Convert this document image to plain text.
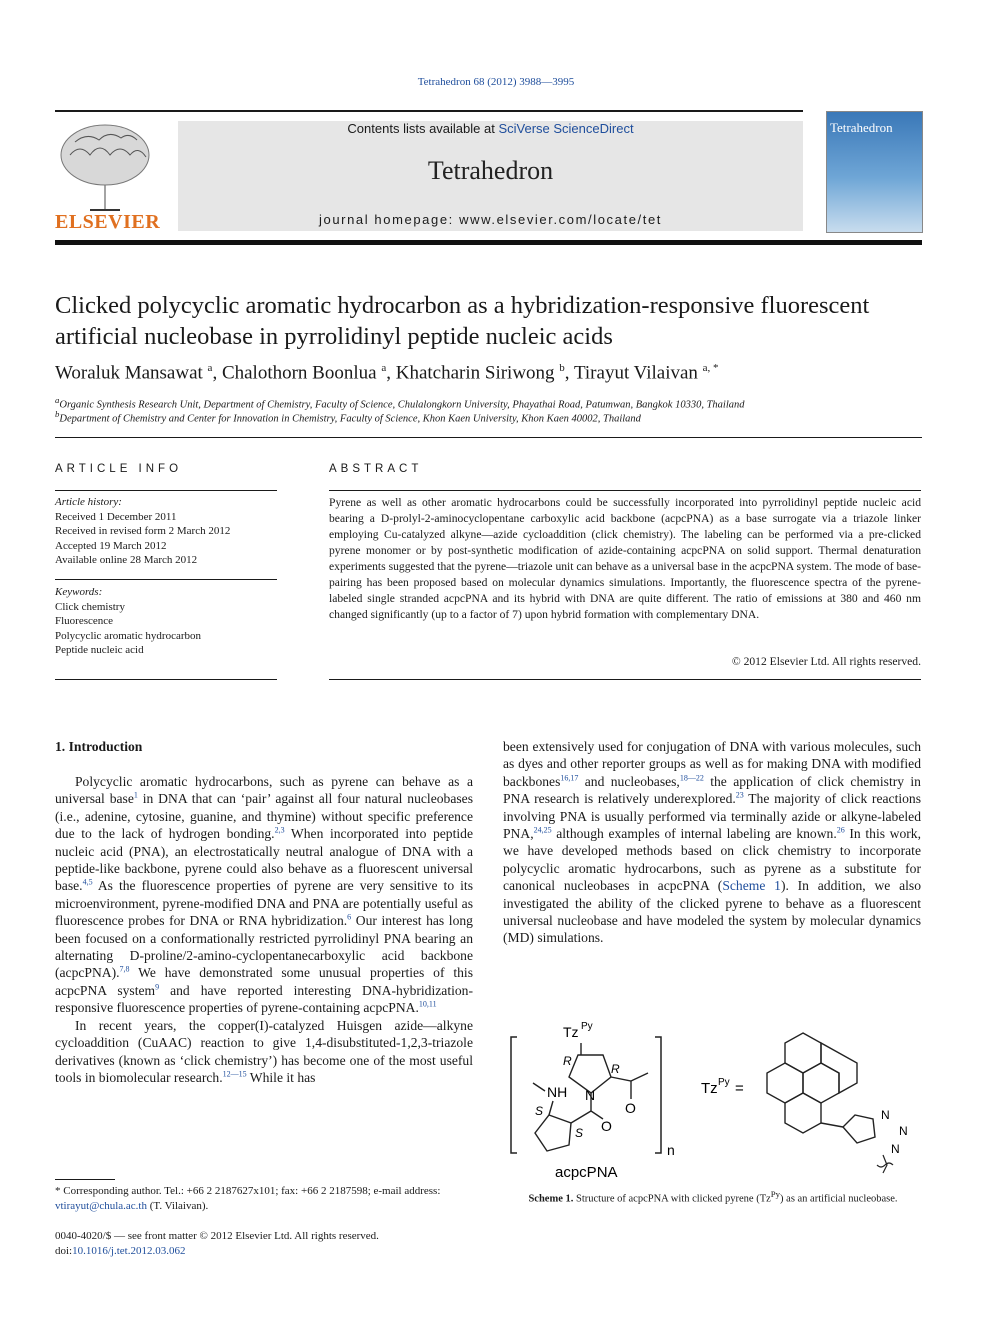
Tetrahedron 68 (2012) 3988—3995
ELSEVIER
Contents lists available at SciVerse ScienceDirect
Tetrahedron
journal homepage: www.elsevier.com/locate/tet
Tetrahedron
Clicked polycyclic aromatic hydrocarbon as a hybridization-responsive fluorescent artificial nucleobase in pyrrolidinyl peptide nucleic acids
Woraluk Mansawat $^a$, Chalothorn Boonlua $^a$, Khatcharin Siriwong $^b$, Tirayut Vilaivan $^{a, *}$
$^a$Organic Synthesis Research Unit, Department of Chemistry, Faculty of Science, Chulalongkorn University, Phayathai Road, Patumwan, Bangkok 10330, Thailand
$^b$Department of Chemistry and Center for Innovation in Chemistry, Faculty of Science, Khon Kaen University, Khon Kaen 40002, Thailand
ARTICLE INFO
Article history:
Received 1 December 2011
Received in revised form 2 March 2012
Accepted 19 March 2012
Available online 28 March 2012
Keywords:
Click chemistry
Fluorescence
Polycyclic aromatic hydrocarbon
Peptide nucleic acid
ABSTRACT
Pyrene as well as other aromatic hydrocarbons could be successfully incorporated into pyrrolidinyl peptide nucleic acid bearing a D-prolyl-2-aminocyclopentane carboxylic acid backbone (acpcPNA) as a base surrogate via a triazole linker employing Cu-catalyzed alkyne—azide cycloaddition (click chemistry). The labeling can be performed via a pre-clicked pyrene monomer or by post-synthetic modification of azide-containing acpcPNA on solid support. Thermal denaturation experiments suggested that the pyrene—triazole unit can behave as a universal base in the acpcPNA system. The mode of base-pairing has been proposed based on molecular dynamics simulations. Importantly, the fluorescence spectra of the pyrene-labeled single stranded acpcPNA and its hybrid with DNA are quite different. The ratio of emissions at 380 and 460 nm changed significantly (up to a factor of 7) upon hybrid formation with complementary DNA.
© 2012 Elsevier Ltd. All rights reserved.
1. Introduction

Polycyclic aromatic hydrocarbons, such as pyrene can behave as a universal base$^1$ in DNA that can ‘pair’ against all four natural nucleobases (i.e., adenine, cytosine, guanine, and thymine) without specific preference due to the lack of hydrogen bonding.$^{2,3}$ When incorporated into peptide nucleic acid (PNA), an electrostatically neutral analogue of DNA with a peptide-like backbone, pyrene could also behave as a fluorescent universal base.$^{4,5}$ As the fluorescence properties of pyrene are very sensitive to its microenvironment, pyrene-modified DNA and PNA are potentially useful as fluorescence probes for DNA or RNA hybridization.$^6$ Our interest has long been focused on a conformationally restricted pyrrolidinyl PNA bearing an alternating D-proline/2-amino-cyclopentanecarboxylic acid backbone (acpcPNA).$^{7,8}$ We have demonstrated some unusual properties of this acpcPNA system$^9$ and have reported interesting DNA-hybridization-responsive fluorescence properties of pyrene-containing acpcPNA.$^{10,11}$

In recent years, the copper(I)-catalyzed Huisgen azide—alkyne cycloaddition (CuAAC) reaction to give 1,4-disubstituted-1,2,3-triazole derivatives (known as ‘click chemistry’) has become one of the most useful tools in biomolecular research.$^{12—15}$ While it has

been extensively used for conjugation of DNA with various molecules, such as dyes and other reporter groups as well as for making DNA with modified backbones$^{16,17}$ and nucleobases,$^{18—22}$ the application of click chemistry in PNA research is relatively underexplored.$^{23}$ The majority of click reactions involving PNA is usually performed via terminally azide or alkyne-labeled PNA,$^{24,25}$ although examples of internal labeling are known.$^{26}$ In this work, we have developed methods based on click chemistry to incorporate polycyclic aromatic hydrocarbons, such as pyrene as a substitute for canonical nucleobases in acpcPNA (Scheme 1). In addition, we also investigated the ability of the clicked pyrene to behave as a fluorescent universal nucleobase and have modeled the system by molecular dynamics (MD) simulations.

n
Tz Py
R
R
N
O
O
NH
S
S
acpcPNA
Tz Py =
N
N
N
Scheme 1. Structure of acpcPNA with clicked pyrene $(Tz^{Py})$ as an artificial nucleobase.
* Corresponding author. Tel.: +66 2 2187627x101; fax: +66 2 2187598; e-mail address: vtirayut@chula.ac.th (T. Vilaivan).
0040-4020/$ — see front matter © 2012 Elsevier Ltd. All rights reserved.
doi:10.1016/j.tet.2012.03.062
